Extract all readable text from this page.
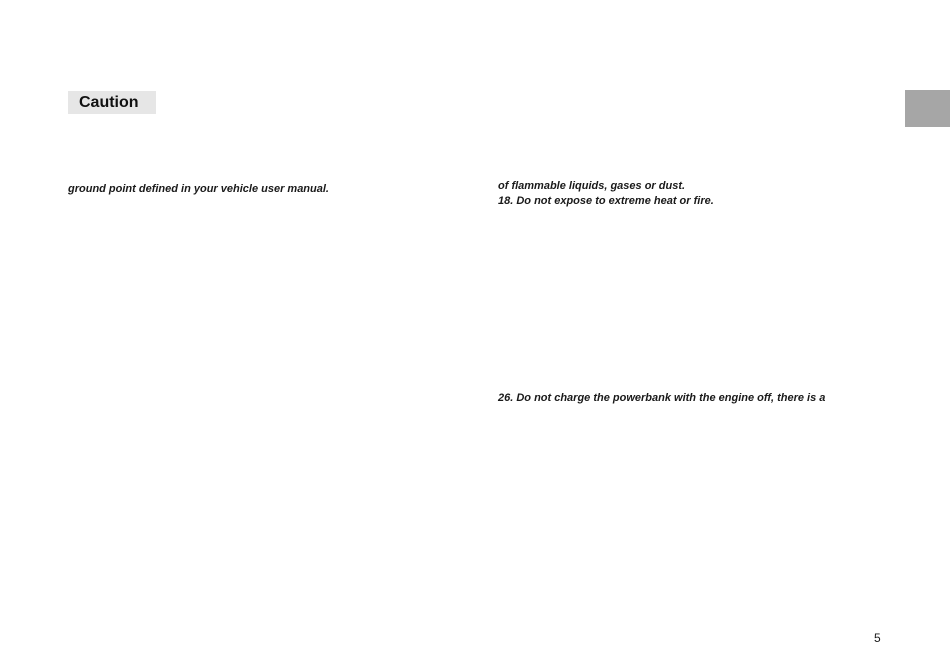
Caution

ground point defined in your vehicle user manual.	of flammable liquids, gases or dust.

18. Do not expose to extreme heat or fire.

26. Do not charge the powerbank with the engine off, there is a

5
